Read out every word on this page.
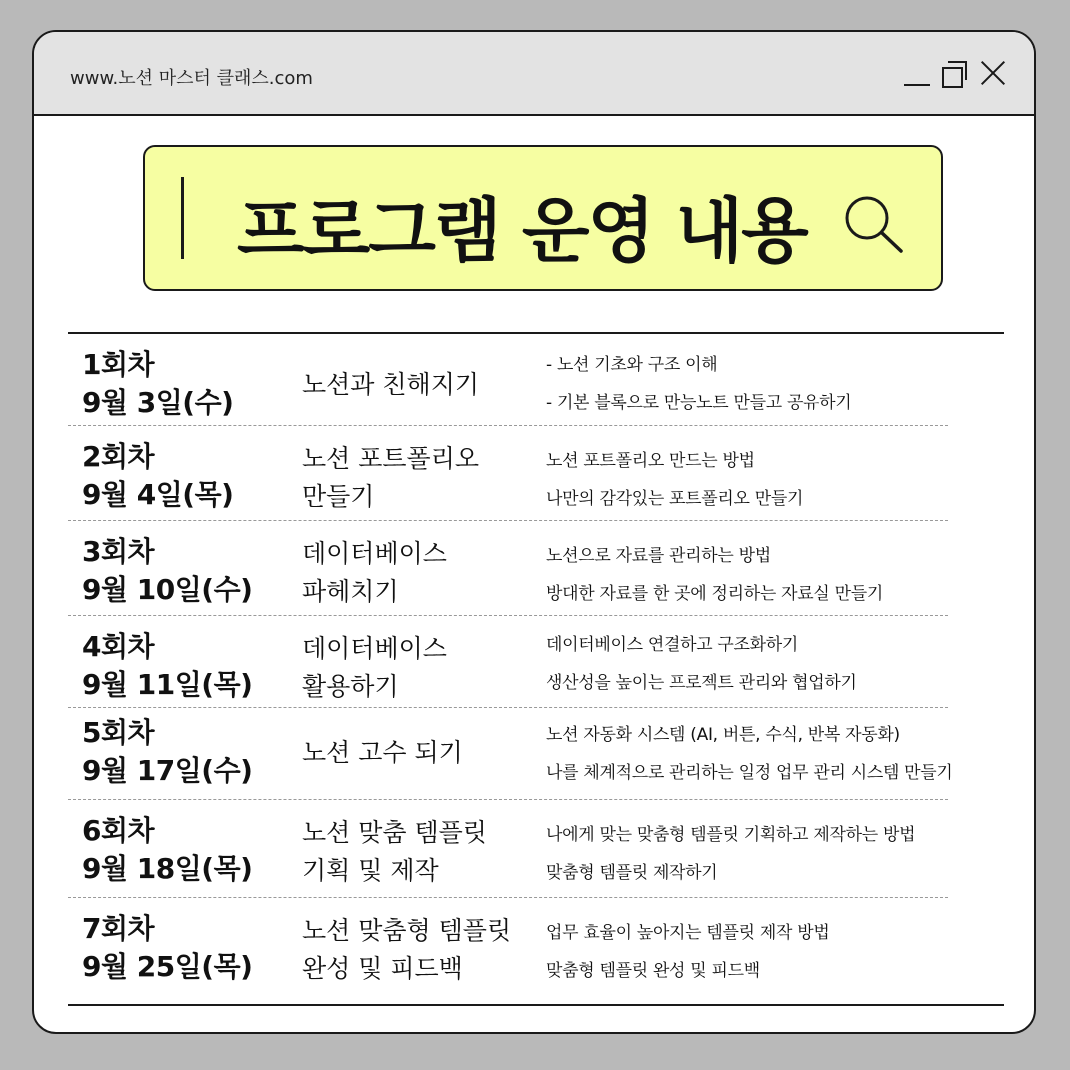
www.노션 마스터 클래스.com
프로그램 운영 내용
1회차
9월 3일(수)
노션과 친해지기
- 노션 기초와 구조 이해
- 기본 블록으로 만능노트 만들고 공유하기
2회차
9월 4일(목)
노션 포트폴리오
만들기
노션 포트폴리오 만드는 방법
나만의 감각있는 포트폴리오 만들기
3회차
9월 10일(수)
데이터베이스
파헤치기
노션으로 자료를 관리하는 방법
방대한 자료를 한 곳에 정리하는 자료실 만들기
4회차
9월 11일(목)
데이터베이스
활용하기
데이터베이스 연결하고 구조화하기
생산성을 높이는 프로젝트 관리와 협업하기
5회차
9월 17일(수)
노션 고수 되기
노션 자동화 시스템 (AI, 버튼, 수식, 반복 자동화)
나를 체계적으로 관리하는 일정 업무 관리 시스템 만들기
6회차
9월 18일(목)
노션 맞춤 템플릿
기획 및 제작
나에게 맞는 맞춤형 템플릿 기획하고 제작하는 방법
맞춤형 템플릿 제작하기
7회차
9월 25일(목)
노션 맞춤형 템플릿
완성 및 피드백
업무 효율이 높아지는 템플릿 제작 방법
맞춤형 템플릿 완성 및 피드백
